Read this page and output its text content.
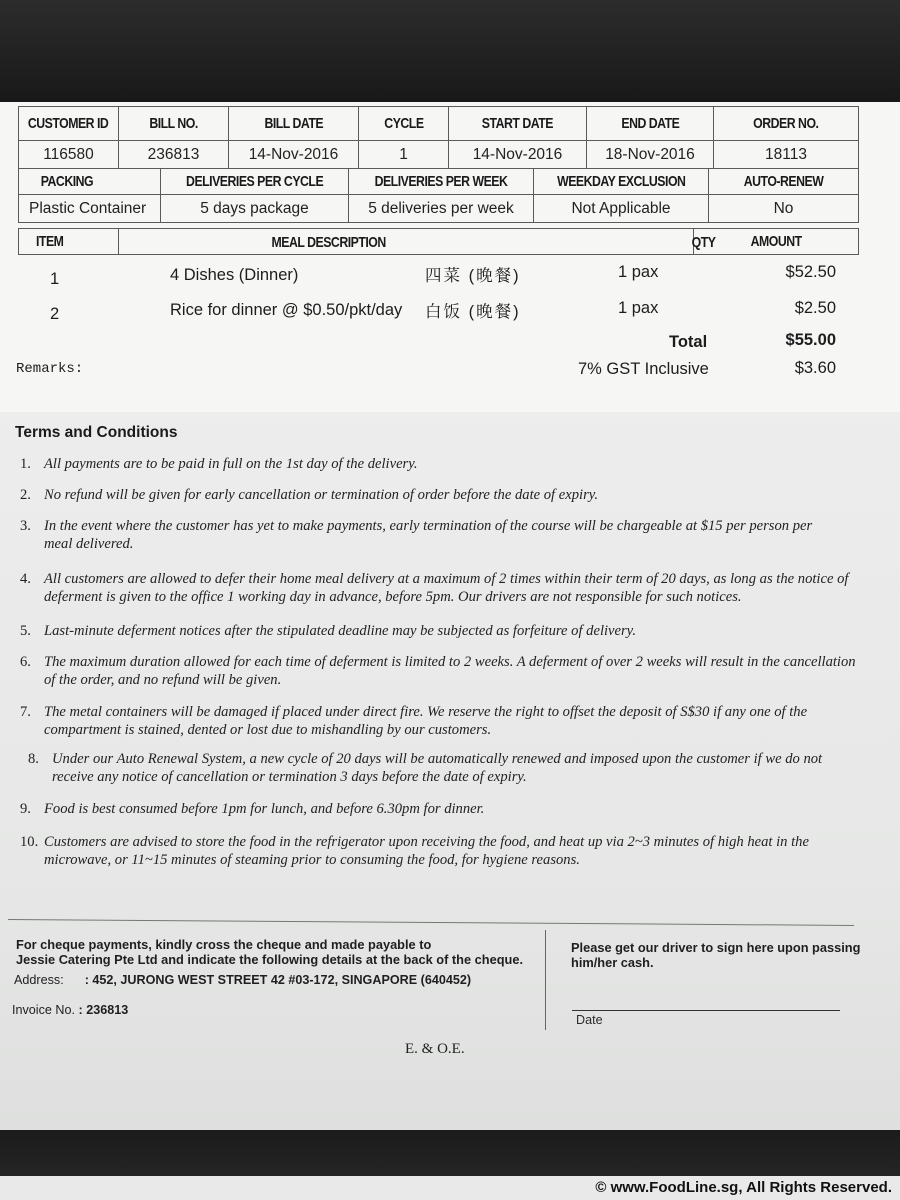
CUSTOMER ID	BILL NO.	BILL DATE	CYCLE	START DATE	END DATE	ORDER NO.
116580	236813	14-Nov-2016	1	14-Nov-2016	18-Nov-2016	18113
PACKING	DELIVERIES PER CYCLE	DELIVERIES PER WEEK	WEEKDAY EXCLUSION	AUTO-RENEW
Plastic Container	5 days package	5 deliveries per week	Not Applicable	No
ITEM	MEAL DESCRIPTION	QTY	AMOUNT
1	4 Dishes (Dinner)	四菜 (晚餐)	1 pax	$52.50
2	Rice for dinner @ $0.50/pkt/day 白饭 (晚餐)	1 pax	$2.50
Total	$55.00
Remarks:	7% GST Inclusive	$3.60
Terms and Conditions
1. All payments are to be paid in full on the 1st day of the delivery.
2. No refund will be given for early cancellation or termination of order before the date of expiry.
3. In the event where the customer has yet to make payments, early termination of the course will be chargeable at $15 per person per meal delivered.
4. All customers are allowed to defer their home meal delivery at a maximum of 2 times within their term of 20 days, as long as the notice of deferment is given to the office 1 working day in advance, before 5pm. Our drivers are not responsible for such notices.
5. Last-minute deferment notices after the stipulated deadline may be subjected as forfeiture of delivery.
6. The maximum duration allowed for each time of deferment is limited to 2 weeks. A deferment of over 2 weeks will result in the cancellation of the order, and no refund will be given.
7. The metal containers will be damaged if placed under direct fire. We reserve the right to offset the deposit of S$30 if any one of the compartment is stained, dented or lost due to mishandling by our customers.
8. Under our Auto Renewal System, a new cycle of 20 days will be automatically renewed and imposed upon the customer if we do not receive any notice of cancellation or termination 3 days before the date of expiry.
9. Food is best consumed before 1pm for lunch, and before 6.30pm for dinner.
10. Customers are advised to store the food in the refrigerator upon receiving the food, and heat up via 2~3 minutes of high heat in the microwave, or 11~15 minutes of steaming prior to consuming the food, for hygiene reasons.
For cheque payments, kindly cross the cheque and made payable to
Jessie Catering Pte Ltd and indicate the following details at the back of the cheque.
Address: : 452, JURONG WEST STREET 42 #03-172, SINGAPORE (640452)
Invoice No. : 236813
Please get our driver to sign here upon passing him/her cash.
Date
E. & O.E.
© www.FoodLine.sg, All Rights Reserved.
